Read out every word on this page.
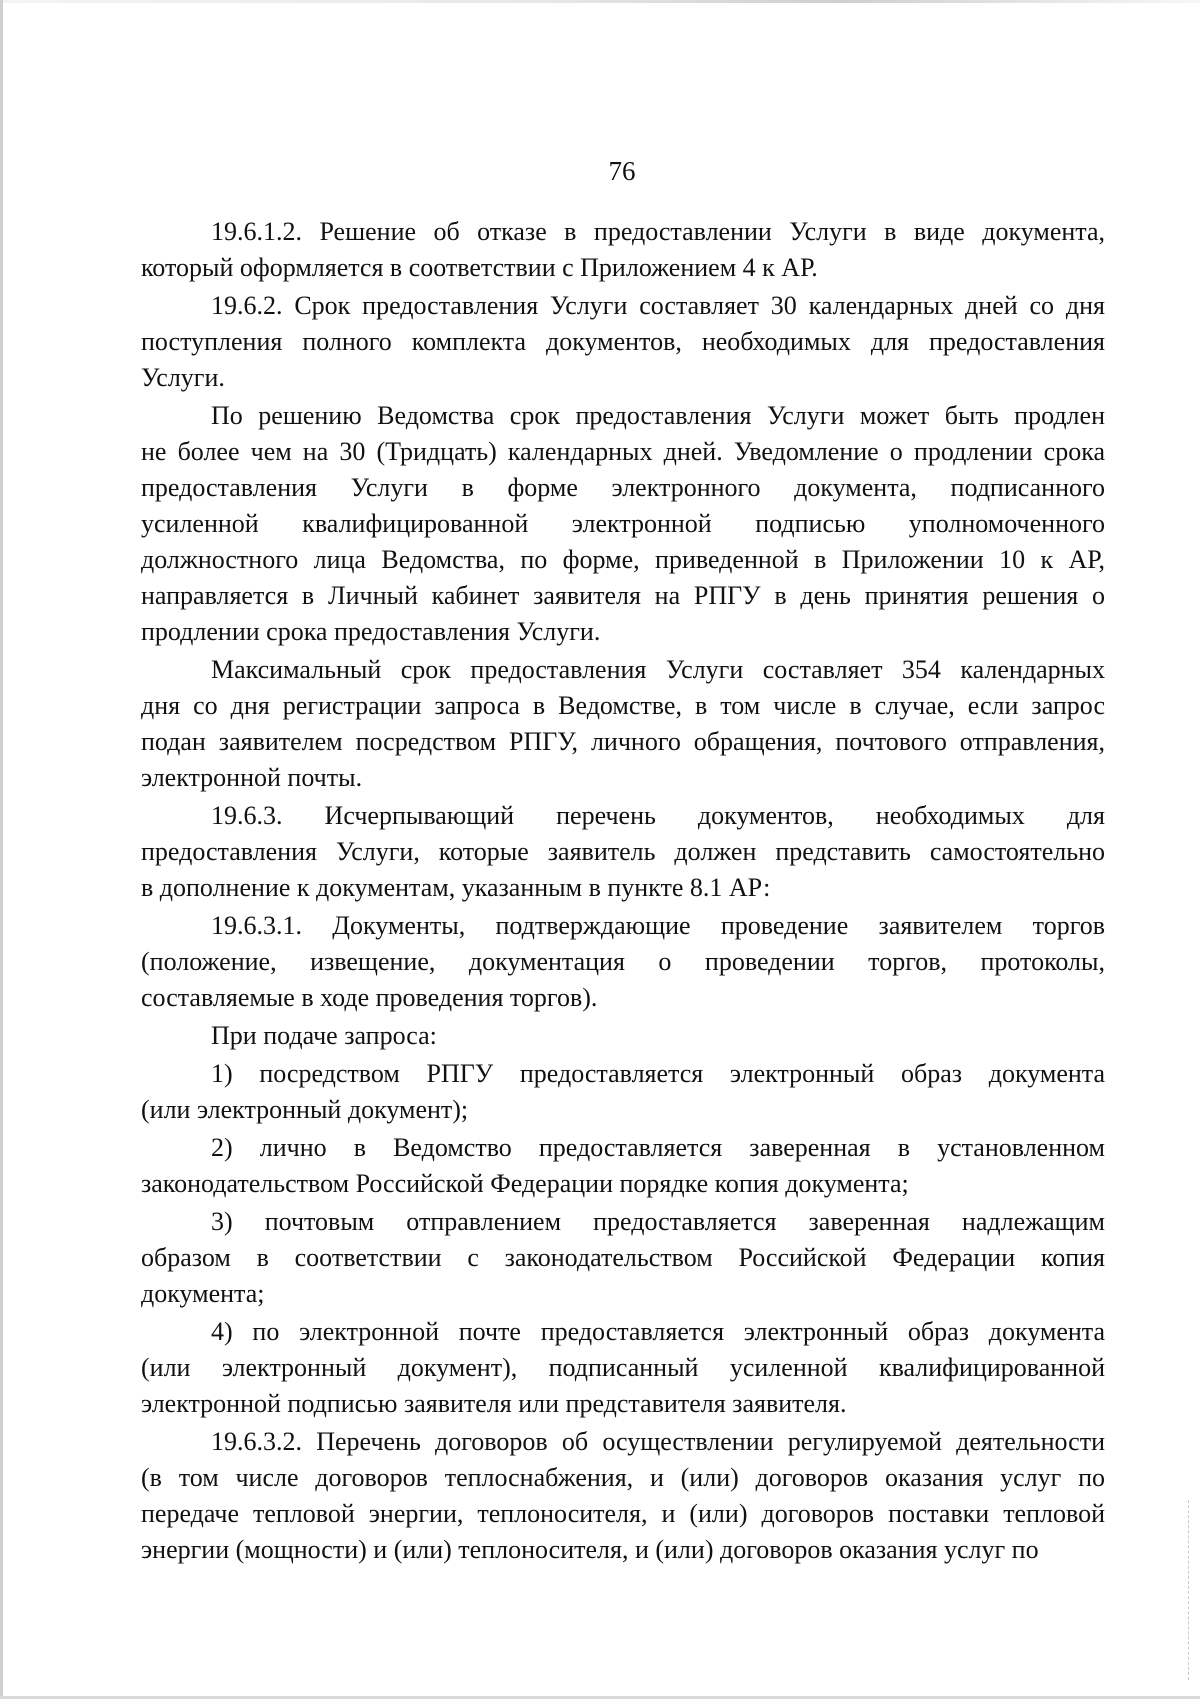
76

19.6.1.2. Решение об отказе в предоставлении Услуги в виде документа,
который оформляется в соответствии с Приложением 4 к АР.

19.6.2. Срок предоставления Услуги составляет 30 календарных дней со дня
поступления полного комплекта документов, необходимых для предоставления
Услуги.

По решению Ведомства срок предоставления Услуги может быть продлен
не более чем на 30 (Тридцать) календарных дней. Уведомление о продлении срока
предоставления Услуги в форме электронного документа, подписанного
усиленной квалифицированной электронной подписью уполномоченного
должностного лица Ведомства, по форме, приведенной в Приложении 10 к АР,
направляется в Личный кабинет заявителя на РПГУ в день принятия решения о
продлении срока предоставления Услуги.

Максимальный срок предоставления Услуги составляет 354 календарных
дня со дня регистрации запроса в Ведомстве, в том числе в случае, если запрос
подан заявителем посредством РПГУ, личного обращения, почтового отправления,
электронной почты.

19.6.3. Исчерпывающий перечень документов, необходимых для
предоставления Услуги, которые заявитель должен представить самостоятельно
в дополнение к документам, указанным в пункте 8.1 АР:

19.6.3.1. Документы, подтверждающие проведение заявителем торгов
(положение, извещение, документация о проведении торгов, протоколы,
составляемые в ходе проведения торгов).

При подаче запроса:

1) посредством РПГУ предоставляется электронный образ документа
(или электронный документ);

2) лично в Ведомство предоставляется заверенная в установленном
законодательством Российской Федерации порядке копия документа;

3) почтовым отправлением предоставляется заверенная надлежащим
образом в соответствии с законодательством Российской Федерации копия
документа;

4) по электронной почте предоставляется электронный образ документа
(или электронный документ), подписанный усиленной квалифицированной
электронной подписью заявителя или представителя заявителя.

19.6.3.2. Перечень договоров об осуществлении регулируемой деятельности
(в том числе договоров теплоснабжения, и (или) договоров оказания услуг по
передаче тепловой энергии, теплоносителя, и (или) договоров поставки тепловой
энергии (мощности) и (или) теплоносителя, и (или) договоров оказания услуг по
